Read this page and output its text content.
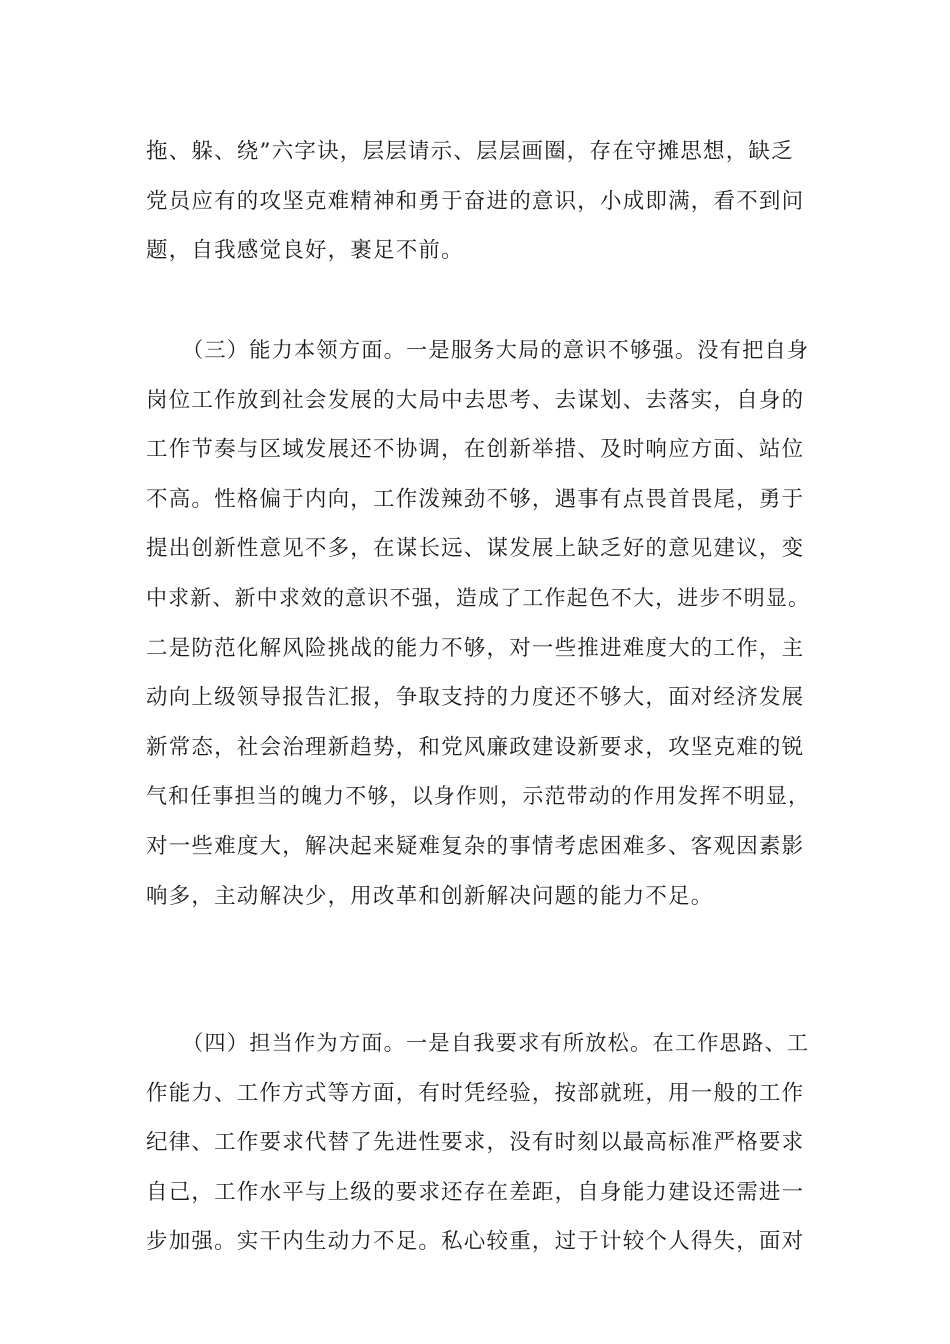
拖、躲、绕”六字诀，层层请示、层层画圈，存在守摊思想，缺乏
党员应有的攻坚克难精神和勇于奋进的意识，小成即满，看不到问
题，自我感觉良好，裹足不前。
（三）能力本领方面。一是服务大局的意识不够强。没有把自身
岗位工作放到社会发展的大局中去思考、去谋划、去落实，自身的
工作节奏与区域发展还不协调，在创新举措、及时响应方面、站位
不高。性格偏于内向，工作泼辣劲不够，遇事有点畏首畏尾，勇于
提出创新性意见不多，在谋长远、谋发展上缺乏好的意见建议，变
中求新、新中求效的意识不强，造成了工作起色不大，进步不明显。
二是防范化解风险挑战的能力不够，对一些推进难度大的工作，主
动向上级领导报告汇报，争取支持的力度还不够大，面对经济发展
新常态，社会治理新趋势，和党风廉政建设新要求，攻坚克难的锐
气和任事担当的魄力不够，以身作则，示范带动的作用发挥不明显，
对一些难度大，解决起来疑难复杂的事情考虑困难多、客观因素影
响多，主动解决少，用改革和创新解决问题的能力不足。
（四）担当作为方面。一是自我要求有所放松。在工作思路、工
作能力、工作方式等方面，有时凭经验，按部就班，用一般的工作
纪律、工作要求代替了先进性要求，没有时刻以最高标准严格要求
自己，工作水平与上级的要求还存在差距，自身能力建设还需进一
步加强。实干内生动力不足。私心较重，过于计较个人得失，面对
